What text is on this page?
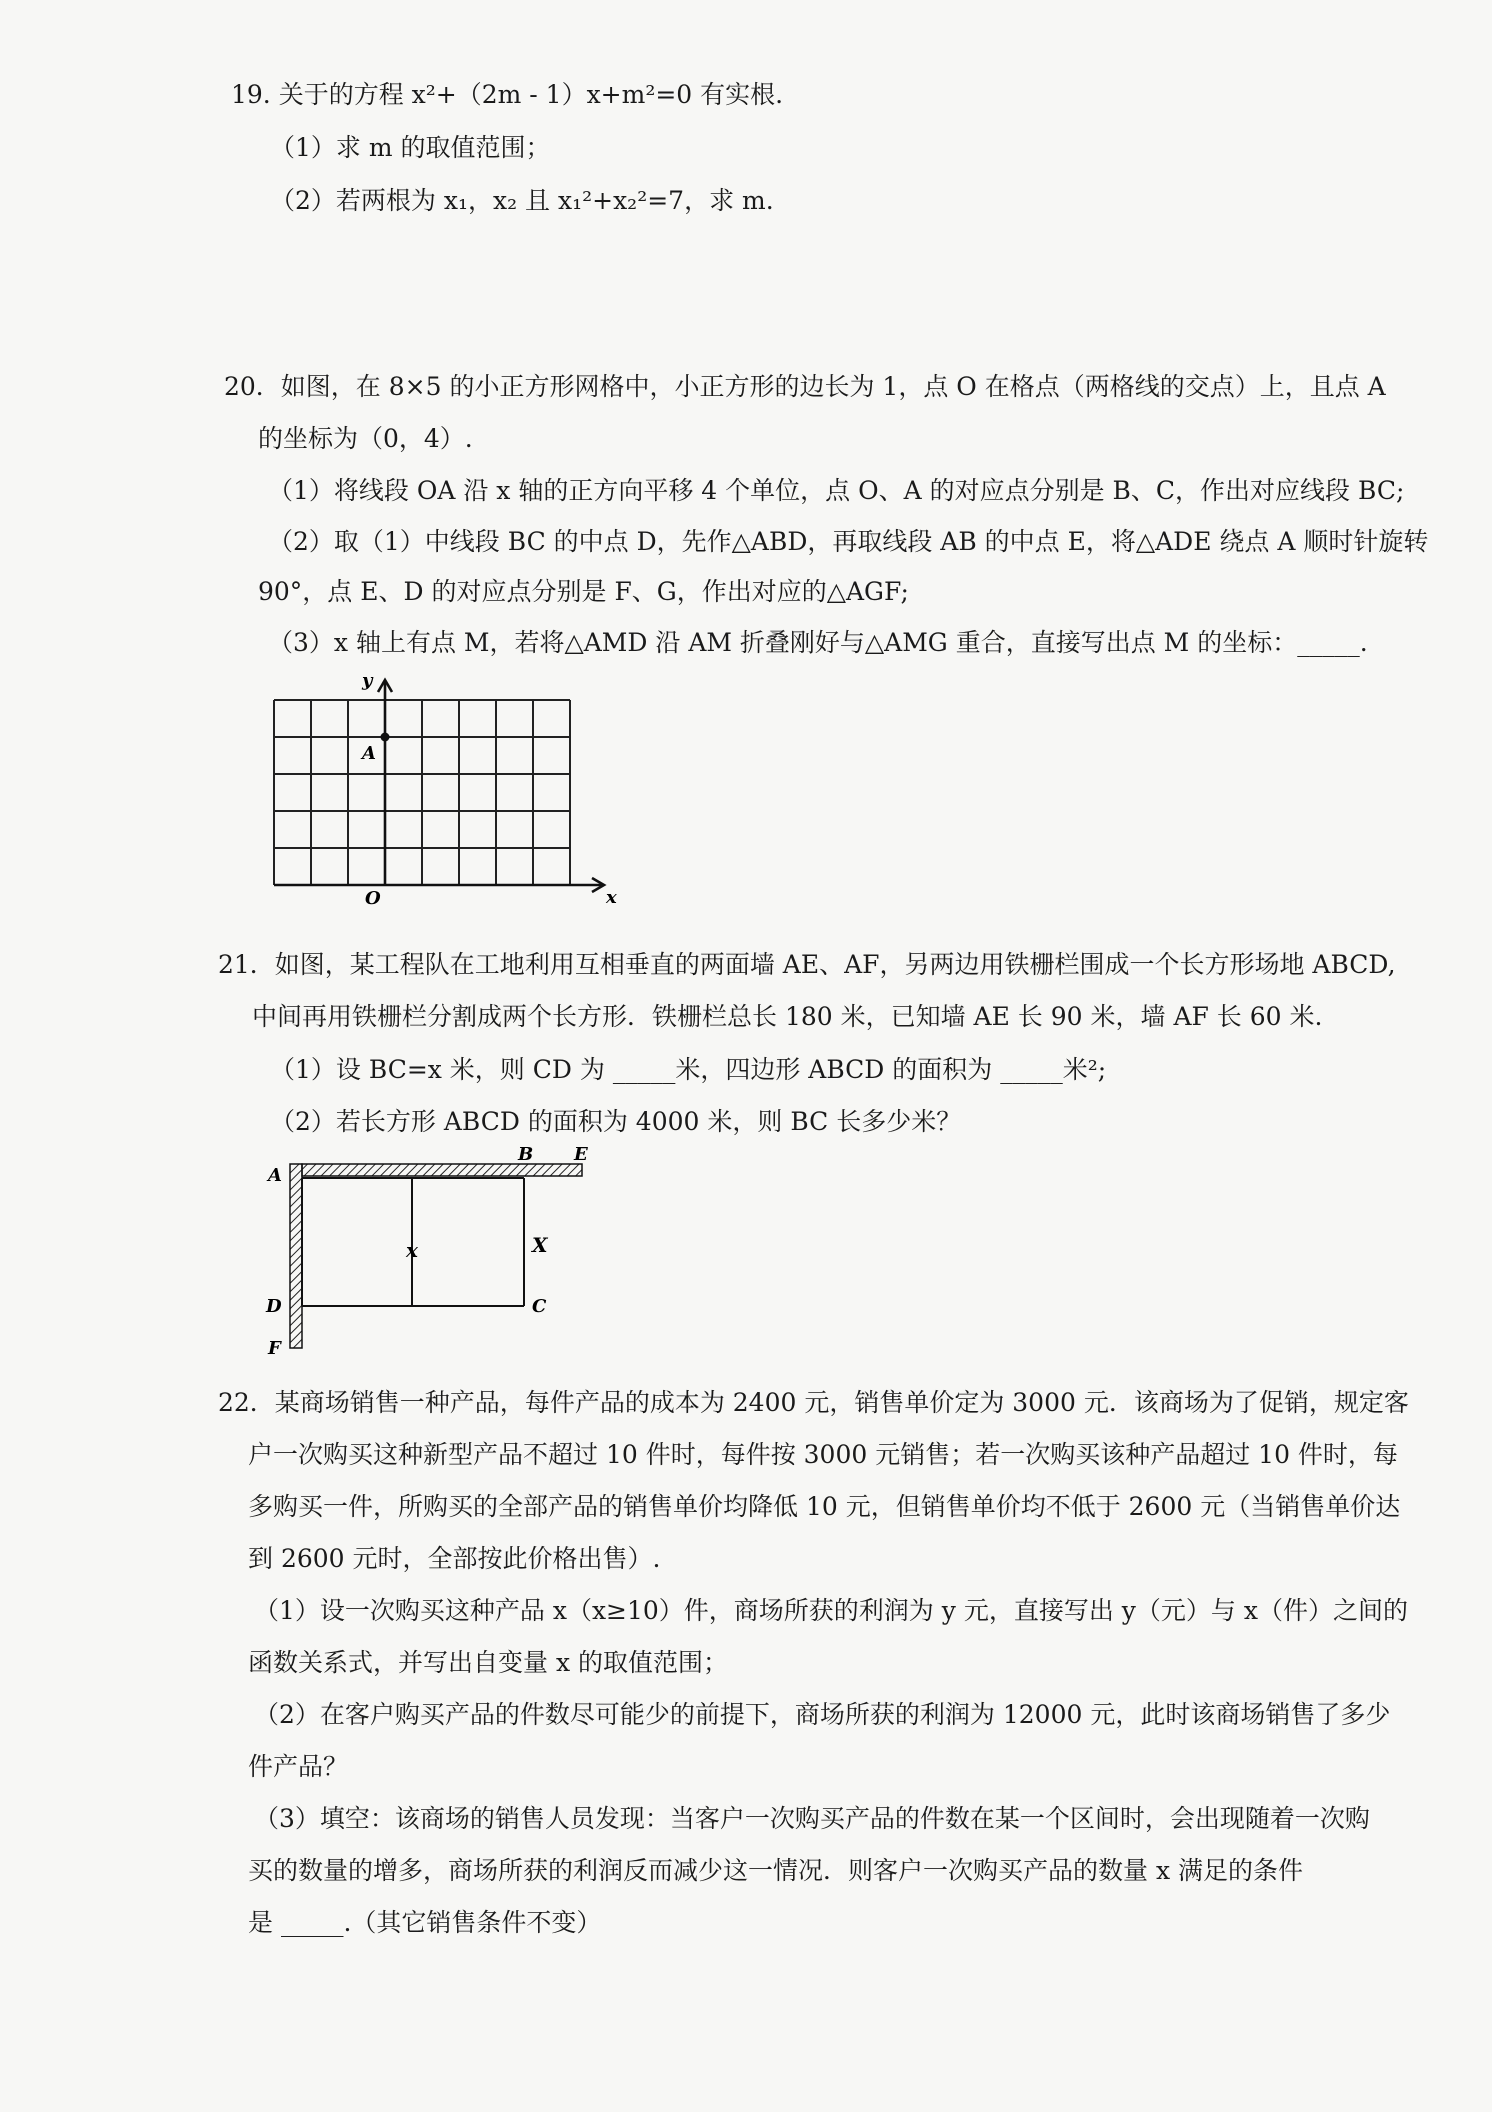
19. 关于的方程 x²+（2m - 1）x+m²=0 有实根.
（1）求 m 的取值范围；
（2）若两根为 x₁，x₂ 且 x₁²+x₂²=7，求 m.
20．如图，在 8×5 的小正方形网格中，小正方形的边长为 1，点 O 在格点（两格线的交点）上，且点 A
的坐标为（0，4）.
（1）将线段 OA 沿 x 轴的正方向平移 4 个单位，点 O、A 的对应点分别是 B、C，作出对应线段 BC;
（2）取（1）中线段 BC 的中点 D，先作△ABD，再取线段 AB 的中点 E，将△ADE 绕点 A 顺时针旋转
90°，点 E、D 的对应点分别是 F、G，作出对应的△AGF;
（3）x 轴上有点 M，若将△AMD 沿 AM 折叠刚好与△AMG 重合，直接写出点 M 的坐标：_____.
y
x
O
A
21．如图，某工程队在工地利用互相垂直的两面墙 AE、AF，另两边用铁栅栏围成一个长方形场地 ABCD,
中间再用铁栅栏分割成两个长方形．铁栅栏总长 180 米，已知墙 AE 长 90 米，墙 AF 长 60 米.
（1）设 BC=x 米，则 CD 为 _____米，四边形 ABCD 的面积为 _____米²;
（2）若长方形 ABCD 的面积为 4000 米，则 BC 长多少米？
A
B E
D	C
F
x	X
22．某商场销售一种产品，每件产品的成本为 2400 元，销售单价定为 3000 元．该商场为了促销，规定客
户一次购买这种新型产品不超过 10 件时，每件按 3000 元销售；若一次购买该种产品超过 10 件时，每
多购买一件，所购买的全部产品的销售单价均降低 10 元，但销售单价均不低于 2600 元（当销售单价达
到 2600 元时，全部按此价格出售）.
（1）设一次购买这种产品 x（x≥10）件，商场所获的利润为 y 元，直接写出 y（元）与 x（件）之间的
函数关系式，并写出自变量 x 的取值范围；
（2）在客户购买产品的件数尽可能少的前提下，商场所获的利润为 12000 元，此时该商场销售了多少
件产品？
（3）填空：该商场的销售人员发现：当客户一次购买产品的件数在某一个区间时，会出现随着一次购
买的数量的增多，商场所获的利润反而减少这一情况．则客户一次购买产品的数量 x 满足的条件
是 _____.（其它销售条件不变）
